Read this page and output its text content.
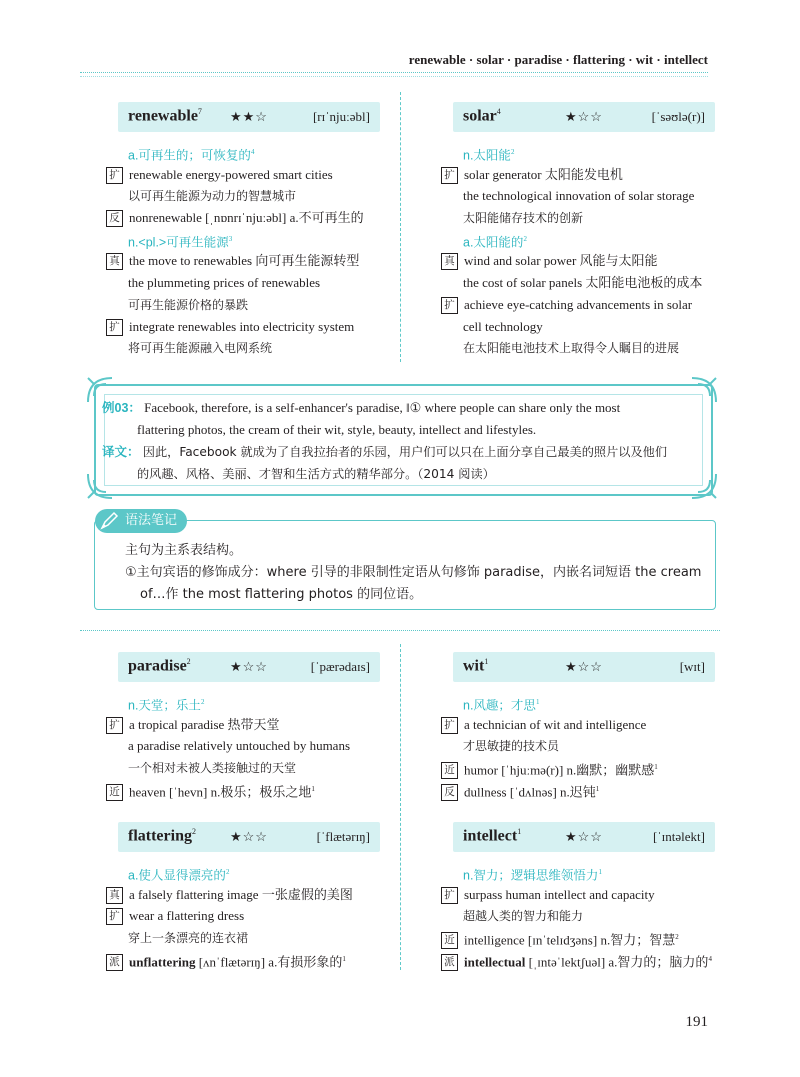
renewable · solar · paradise · flattering · wit · intellect
renewable$^7$ ★★☆	[rɪˈnjuːəbl]
a.可再生的；可恢复的$^4$
扩 renewable energy-powered smart cities
以可再生能源为动力的智慧城市
反 nonrenewable [ˌnɒnrɪˈnjuːəbl] a.不可再生的
n.<pl.>可再生能源$^3$
真 the move to renewables 向可再生能源转型
the plummeting prices of renewables
可再生能源价格的暴跌
扩 integrate renewables into electricity system
将可再生能源融入电网系统
solar$^4$	★☆☆	[ˈsəʊlə(r)]
n.太阳能$^2$
扩 solar generator 太阳能发电机
the technological innovation of solar storage
太阳能储存技术的创新
a.太阳能的$^2$
真 wind and solar power 风能与太阳能
the cost of solar panels 太阳能电池板的成本
扩 achieve eye-catching advancements in solar
cell technology
在太阳能电池技术上取得令人瞩目的进展
例03： Facebook, therefore, is a self-enhancer's paradise, ‖① where people can share only the most
flattering photos, the cream of their wit, style, beauty, intellect and lifestyles.
译文： 因此，Facebook 就成为了自我拉抬者的乐园，用户们可以只在上面分享自己最美的照片以及他们
的风趣、风格、美丽、才智和生活方式的精华部分。（2014 阅读）
语法笔记
主句为主系表结构。
①主句宾语的修饰成分：where 引导的非限制性定语从句修饰 paradise，内嵌名词短语 the cream
of…作 the most flattering photos 的同位语。
paradise$^2$	★☆☆	[ˈpærədaɪs]
n.天堂；乐土$^2$
扩 a tropical paradise 热带天堂
a paradise relatively untouched by humans
一个相对未被人类接触过的天堂
近 heaven [ˈhevn] n.极乐；极乐之地$^1$
wit$^1$	★☆☆	[wɪt]
n.风趣；才思$^1$
扩 a technician of wit and intelligence
才思敏捷的技术员
近 humor [ˈhjuːmə(r)] n.幽默；幽默感$^1$
反 dullness [ˈdʌlnəs] n.迟钝$^1$
flattering$^2$	★☆☆	[ˈflætərɪŋ]
a.使人显得漂亮的$^2$
真 a falsely flattering image 一张虚假的美图
扩 wear a flattering dress
穿上一条漂亮的连衣裙
派 unflattering [ʌnˈflætərɪŋ] a.有损形象的$^1$
intellect$^1$	★☆☆	[ˈɪntəlekt]
n.智力；逻辑思维领悟力$^1$
扩 surpass human intellect and capacity
超越人类的智力和能力
近 intelligence [ɪnˈtelɪdʒəns] n.智力；智慧$^2$
派 intellectual [ˌɪntəˈlektʃuəl] a.智力的；脑力的$^4$
191
